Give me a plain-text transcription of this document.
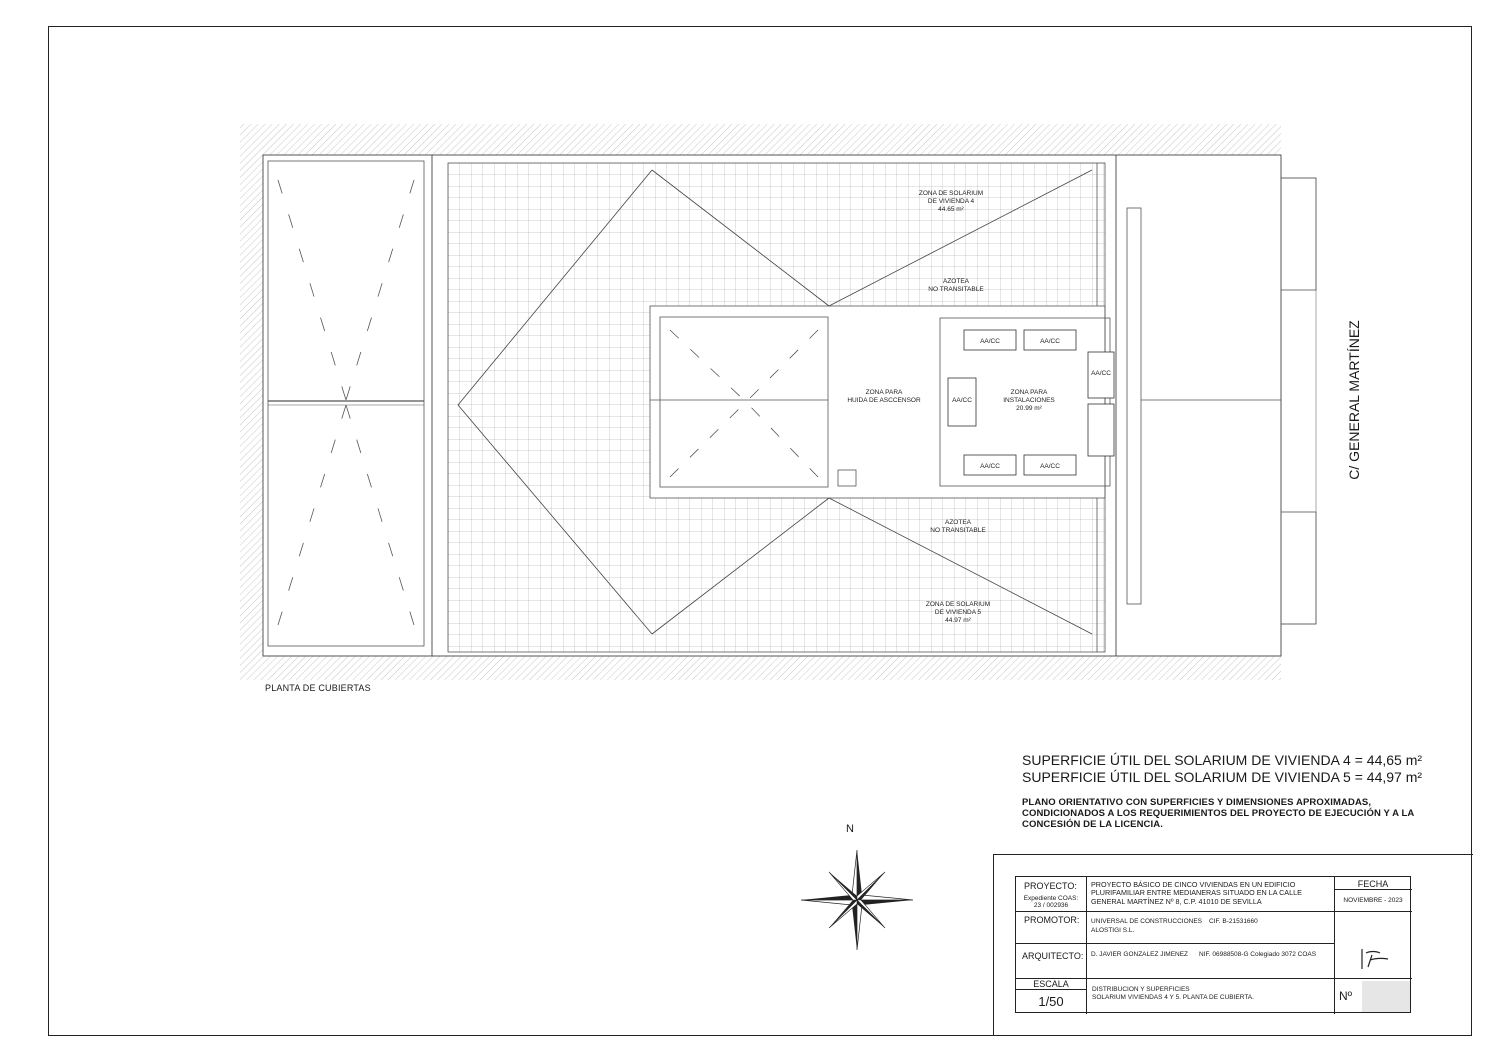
AA/CC	AA/CC
AA/CC
AA/CC
AA/CC	AA/CC
ZONA DE SOLARIUM DE VIVIENDA 4 44.65 m²
AZOTEA NO TRANSITABLE
ZONA PARA HUIDA DE ASCCENSOR
ZONA PARA INSTALACIONES 20.99 m²
AZOTEA NO TRANSITABLE
ZONA DE SOLARIUM DE VIVIENDA 5 44.97 m²
PLANTA DE CUBIERTAS
C/ GENERAL MARTÍNEZ
SUPERFICIE ÚTIL DEL SOLARIUM DE VIVIENDA 4 = 44,65 m²
SUPERFICIE ÚTIL DEL SOLARIUM DE VIVIENDA 5 = 44,97 m²
PLANO ORIENTATIVO CON SUPERFICIES Y DIMENSIONES APROXIMADAS, CONDICIONADOS A LOS REQUERIMIENTOS DEL PROYECTO DE EJECUCIÓN Y A LA CONCESIÓN DE LA LICENCIA.
N
PROYECTO:
Expediente COAS:
23 / 002936
PROYECTO BÁSICO DE CINCO VIVIENDAS EN UN EDIFICIO PLURIFAMILIAR ENTRE MEDIANERAS SITUADO EN LA CALLE GENERAL MARTÍNEZ Nº 8, C.P. 41010 DE SEVILLA
FECHA
NOVIEMBRE - 2023
PROMOTOR: UNIVERSAL DE CONSTRUCCIONES CIF. B-21531660
ALOSTIGI S.L.
ARQUITECTO: D. JAVIER GONZALEZ JIMENEZ NIF. 06988508-G Colegiado 3072 COAS
ESCALA
1/50
DISTRIBUCION Y SUPERFICIES
SOLARIUM VIVIENDAS 4 Y 5. PLANTA DE CUBIERTA.	Nº
